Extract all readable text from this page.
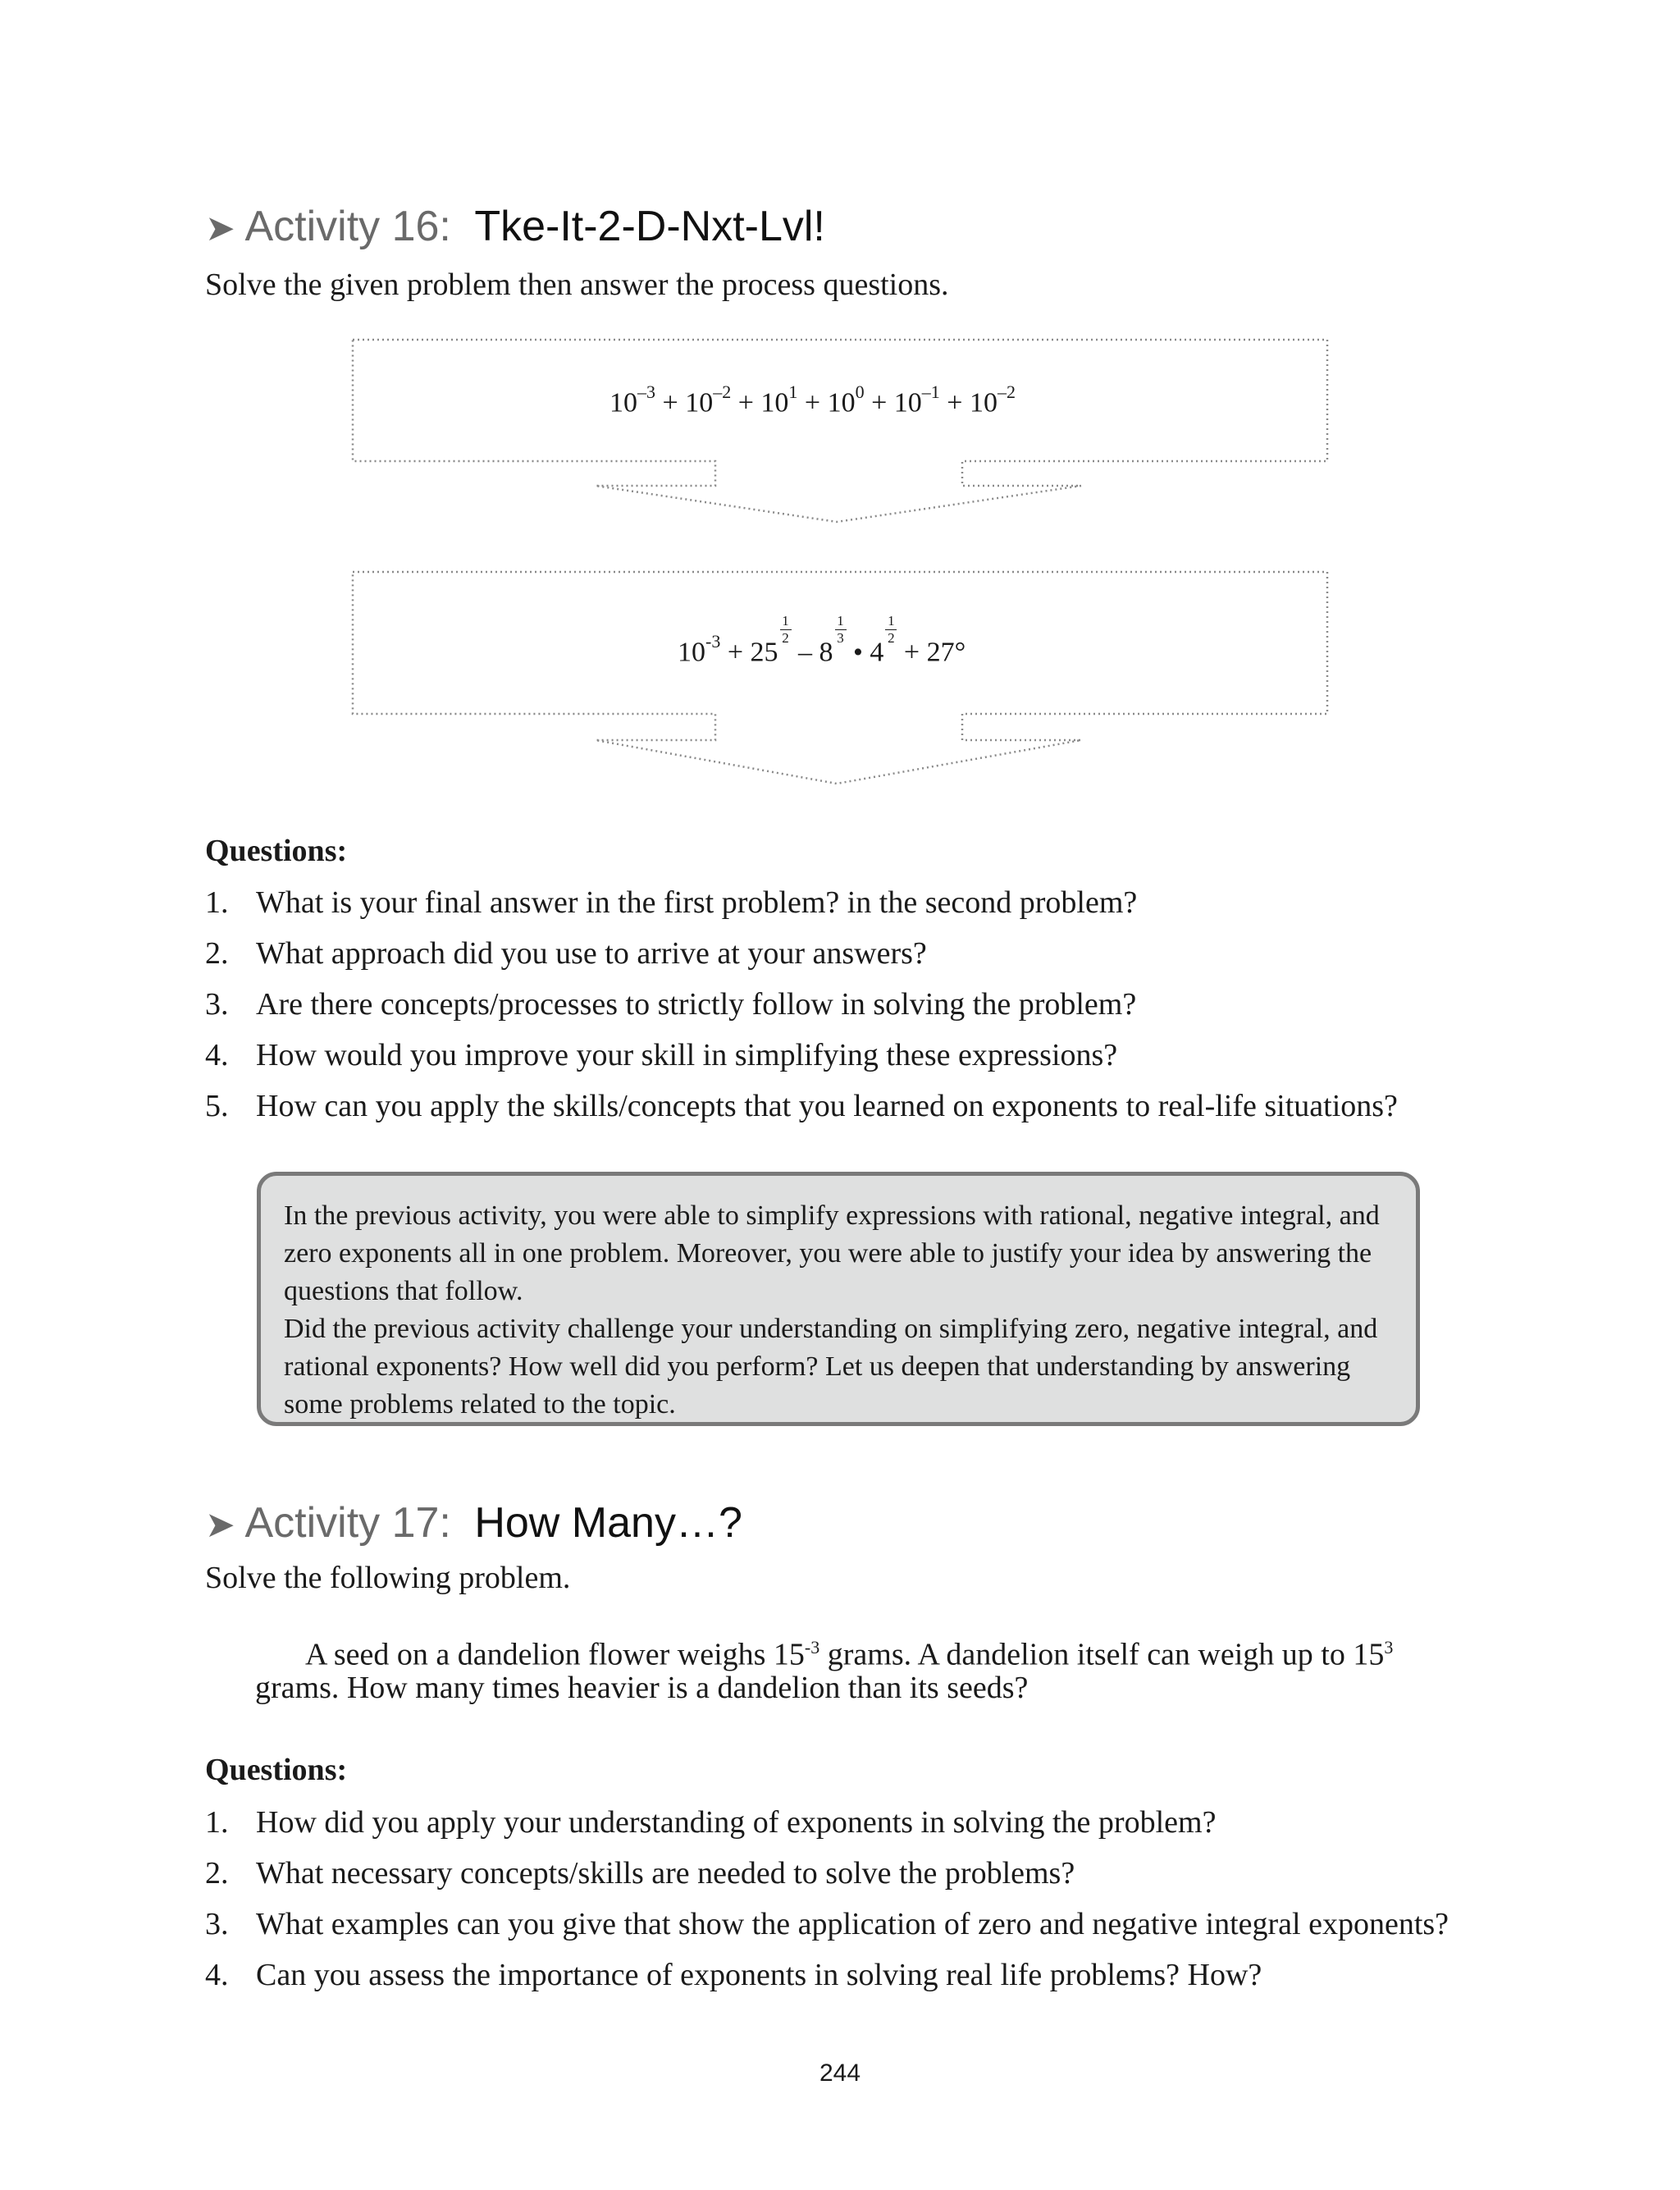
➤ Activity 16: Tke-It-2-D-Nxt-Lvl!
Solve the given problem then answer the process questions.
$10^{-3} + 10^{-2} + 10^1 + 10^0 + 10^{-1} + 10^{-2}$
$10^{-3} + 25$
$\frac{1}{2}$
– 8
$\frac{1}{3}$
• 4
$\frac{1}{2}$
+ 27°
Questions:
1. What is your final answer in the first problem? in the second problem?
2. What approach did you use to arrive at your answers?
3. Are there concepts/processes to strictly follow in solving the problem?
4. How would you improve your skill in simplifying these expressions?
5. How can you apply the skills/concepts that you learned on exponents to real-life situations?

In the previous activity, you were able to simplify expressions with rational, negative integral, and zero exponents all in one problem. Moreover, you were able to justify your idea by answering the questions that follow.

Did the previous activity challenge your understanding on simplifying zero, negative integral, and rational exponents? How well did you perform? Let us deepen that understanding by answering some problems related to the topic.

➤ Activity 17: How Many…?
Solve the following problem.
A seed on a dandelion flower weighs $15^{-3}$ grams. A dandelion itself can weigh up to $15^3$
grams. How many times heavier is a dandelion than its seeds?
Questions:
1. How did you apply your understanding of exponents in solving the problem?
2. What necessary concepts/skills are needed to solve the problems?
3. What examples can you give that show the application of zero and negative integral exponents?
4. Can you assess the importance of exponents in solving real life problems? How?
244
